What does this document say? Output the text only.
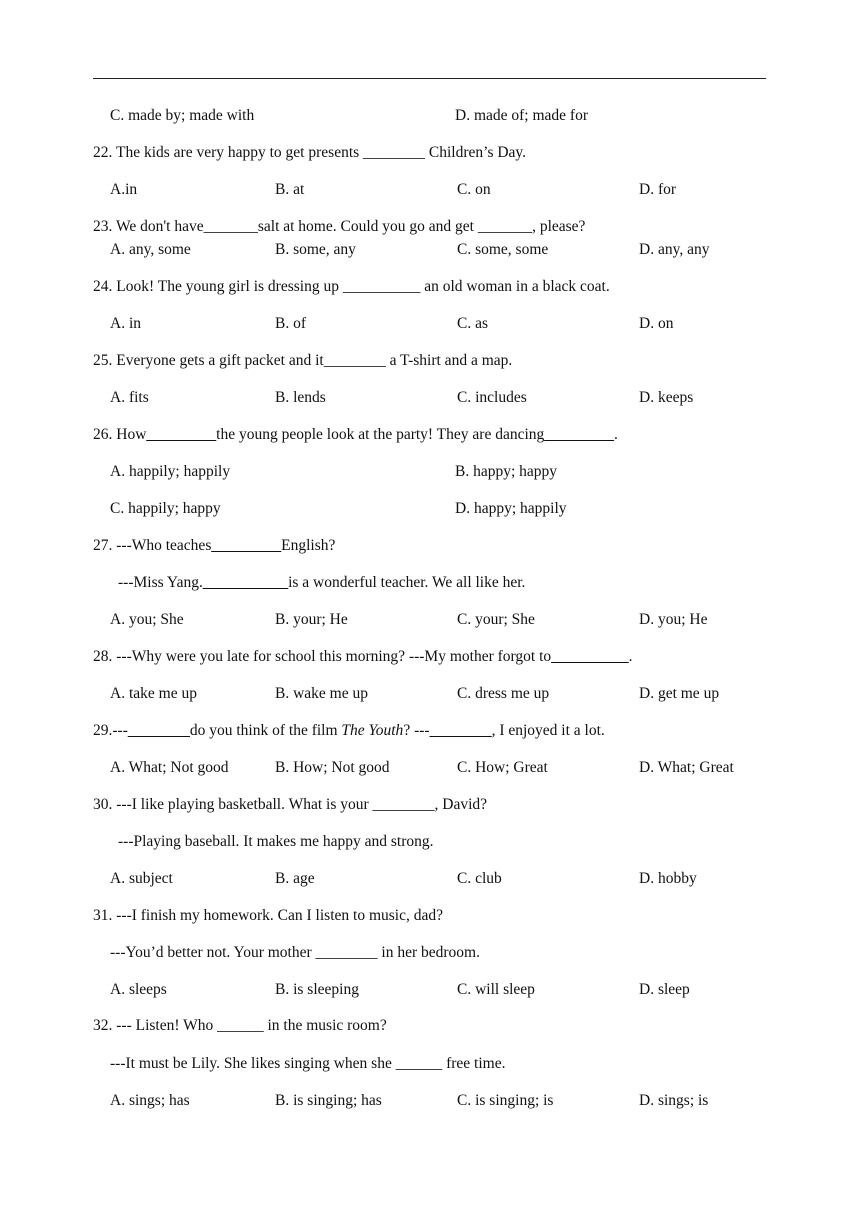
C. made by; made with	D. made of; made for
22. The kids are very happy to get presents ________ Children’s Day.
A.in	B. at	C. on	D. for
23. We don't have_______salt at home. Could you go and get _______, please?
A. any, some	B. some, any	C. some, some	D. any, any
24. Look! The young girl is dressing up __________ an old woman in a black coat.
A. in	B. of	C. as	D. on
25. Everyone gets a gift packet and it________ a T-shirt and a map.
A. fits	B. lends	C. includes	D. keeps
26. How_________the young people look at the party! They are dancing_________.
A. happily; happily	B. happy; happy
C. happily; happy	D. happy; happily
27. ---Who teaches_________English?
---Miss Yang.___________is a wonderful teacher. We all like her.
A. you; She	B. your; He	C. your; She	D. you; He
28. ---Why were you late for school this morning? ---My mother forgot to__________.
A. take me up	B. wake me up	C. dress me up	D. get me up
29.---________do you think of the film The Youth? ---________, I enjoyed it a lot.
A. What; Not good	B. How; Not good	C. How; Great	D. What; Great
30. ---I like playing basketball. What is your ________, David?
---Playing baseball. It makes me happy and strong.
A. subject	B. age	C. club	D. hobby
31. ---I finish my homework. Can I listen to music, dad?
---You’d better not. Your mother ________ in her bedroom.
A. sleeps	B. is sleeping	C. will sleep	D. sleep
32. --- Listen! Who ______ in the music room?
---It must be Lily. She likes singing when she ______ free time.
A. sings; has	B. is singing; has	C. is singing; is	D. sings; is
